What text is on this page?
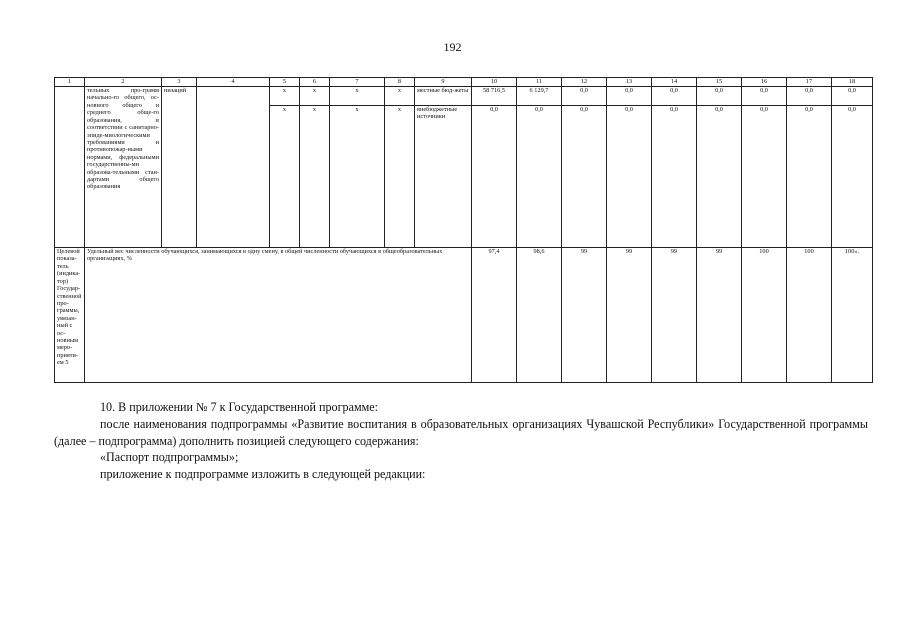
192
1	2	3	4	5	6	7	8	9	10	11	12	13	14	15	16	17	18
	тельных про-грамм начально-го общего, ос-новного общего и среднего обще-го образования, в соответствии с санитарно-эпиде-миологическими требованиями и противопожар-ными нормами, федеральными государственны-ми образова-тельными стан-дартами общего образования	низаций		x	x	x	x	местные бюд-жеты	58 716,5	6 129,7	0,0	0,0	0,0	0,0	0,0	0,0	0,0
				x	x	x	x	внебюджетные источники	0,0	0,0	0,0	0,0	0,0	0,0	0,0	0,0	0,0
Целевой показа-тель (индика-тор) Государ-ственной про-граммы, увязан-ный с ос-новным меро-прияти-ем 5	Удельный вес численности обучающихся, занимающихся в одну смену, в общей численности обучающихся в общеобразовательных организациях, %								97,4	98,6	99	99	99	99	100	100	100».

10. В приложении № 7 к Государственной программе:

после наименования подпрограммы «Развитие воспитания в образовательных организациях Чувашской Республики» Государственной программы (далее – подпрограмма) дополнить позицией следующего содержания:

«Паспорт подпрограммы»;

приложение к подпрограмме изложить в следующей редакции:
